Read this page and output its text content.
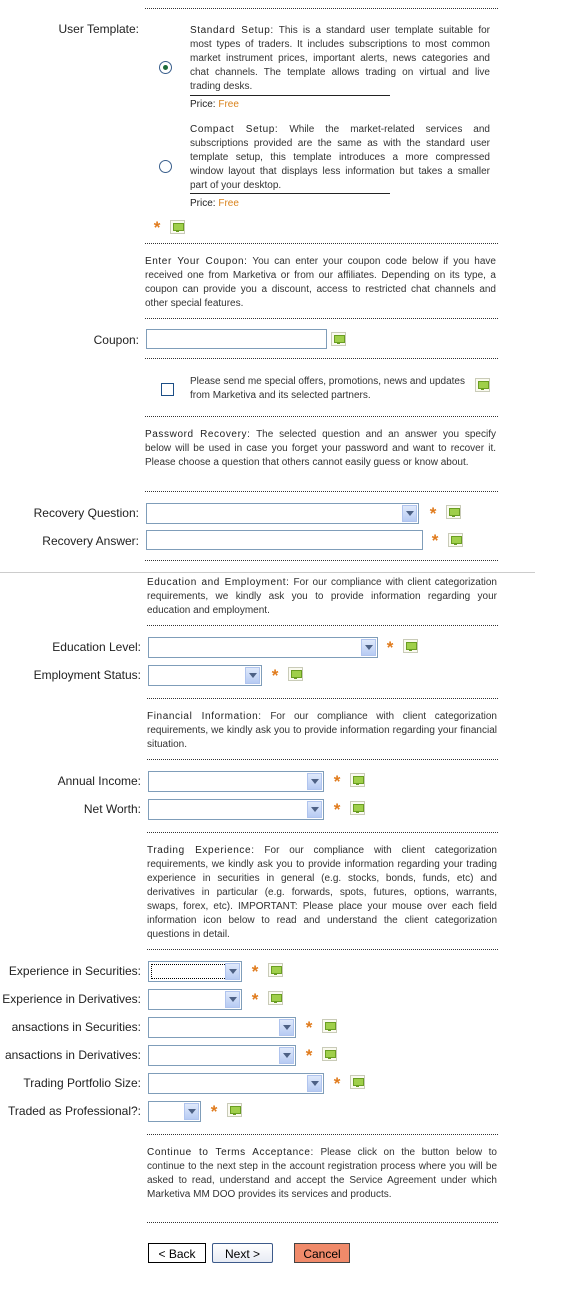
User Template:	Standard Setup: This is a standard user template suitable for most types of traders. It includes subscriptions to most common market instrument prices, important alerts, news categories and chat channels. The template allows trading on virtual and live trading desks.
Price: Free
Compact Setup: While the market-related services and subscriptions provided are the same as with the standard user template setup, this template introduces a more compressed window layout that displays less information but takes a smaller part of your desktop.
Price: Free
*
Enter Your Coupon: You can enter your coupon code below if you have received one from Marketiva or from our affiliates. Depending on its type, a coupon can provide you a discount, access to restricted chat channels and other special features.
Coupon:
Please send me special offers, promotions, news and updates from Marketiva and its selected partners.
Password Recovery: The selected question and an answer you specify below will be used in case you forget your password and want to recover it. Please choose a question that others cannot easily guess or know about.
Recovery Question:	*
Recovery Answer:	*
Education and Employment: For our compliance with client categorization requirements, we kindly ask you to provide information regarding your education and employment.
Education Level:	*
Employment Status:	*
Financial Information: For our compliance with client categorization requirements, we kindly ask you to provide information regarding your financial situation.
Annual Income:	*
Net Worth:	*
Trading Experience: For our compliance with client categorization requirements, we kindly ask you to provide information regarding your trading experience in securities in general (e.g. stocks, bonds, funds, etc) and derivatives in particular (e.g. forwards, spots, futures, options, warrants, swaps, forex, etc). IMPORTANT: Please place your mouse over each field information icon below to read and understand the client categorization questions in detail.
Experience in Securities:	*
Experience in Derivatives:	*
ansactions in Securities:	*
ansactions in Derivatives:	*
Trading Portfolio Size:	*
Traded as Professional?:	*
Continue to Terms Acceptance: Please click on the button below to continue to the next step in the account registration process where you will be asked to read, understand and accept the Service Agreement under which Marketiva MM DOO provides its services and products.
< Back	Next >	Cancel
